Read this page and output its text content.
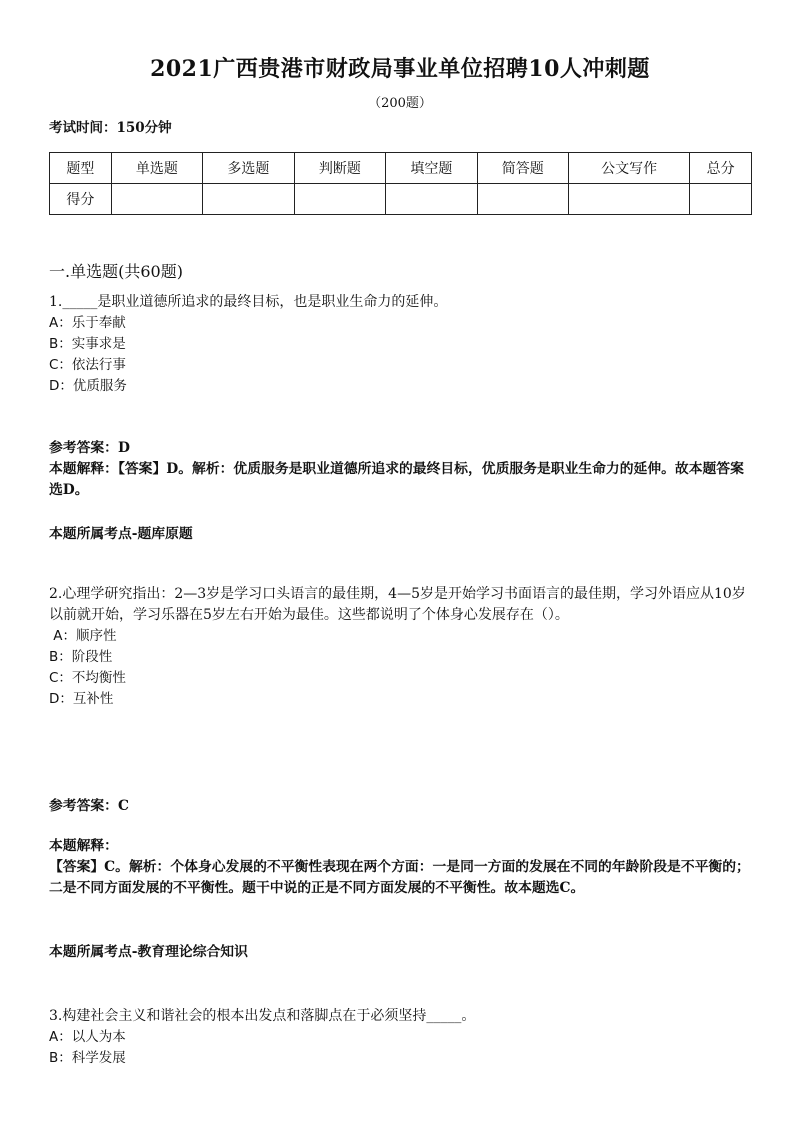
2021广西贵港市财政局事业单位招聘10人冲刺题
（200题）
考试时间：150分钟
题型	单选题	多选题	判断题	填空题	简答题	公文写作	总分
得分							
一.单选题(共60题)
1._____是职业道德所追求的最终目标，也是职业生命力的延伸。
A：乐于奉献
B：实事求是
C：依法行事
D：优质服务
参考答案：D
本题解释：【答案】D。解析：优质服务是职业道德所追求的最终目标，优质服务是职业生命力的延伸。故本题答案选D。
本题所属考点-题库原题
2.心理学研究指出：2—3岁是学习口头语言的最佳期，4—5岁是开始学习书面语言的最佳期，学习外语应从10岁以前就开始，学习乐器在5岁左右开始为最佳。这些都说明了个体身心发展存在（）。
A：顺序性
B：阶段性
C：不均衡性
D：互补性
参考答案：C
本题解释：
【答案】C。解析：个体身心发展的不平衡性表现在两个方面：一是同一方面的发展在不同的年龄阶段是不平衡的；二是不同方面发展的不平衡性。题干中说的正是不同方面发展的不平衡性。故本题选C。
本题所属考点-教育理论综合知识
3.构建社会主义和谐社会的根本出发点和落脚点在于必须坚持_____。
A：以人为本
B：科学发展
